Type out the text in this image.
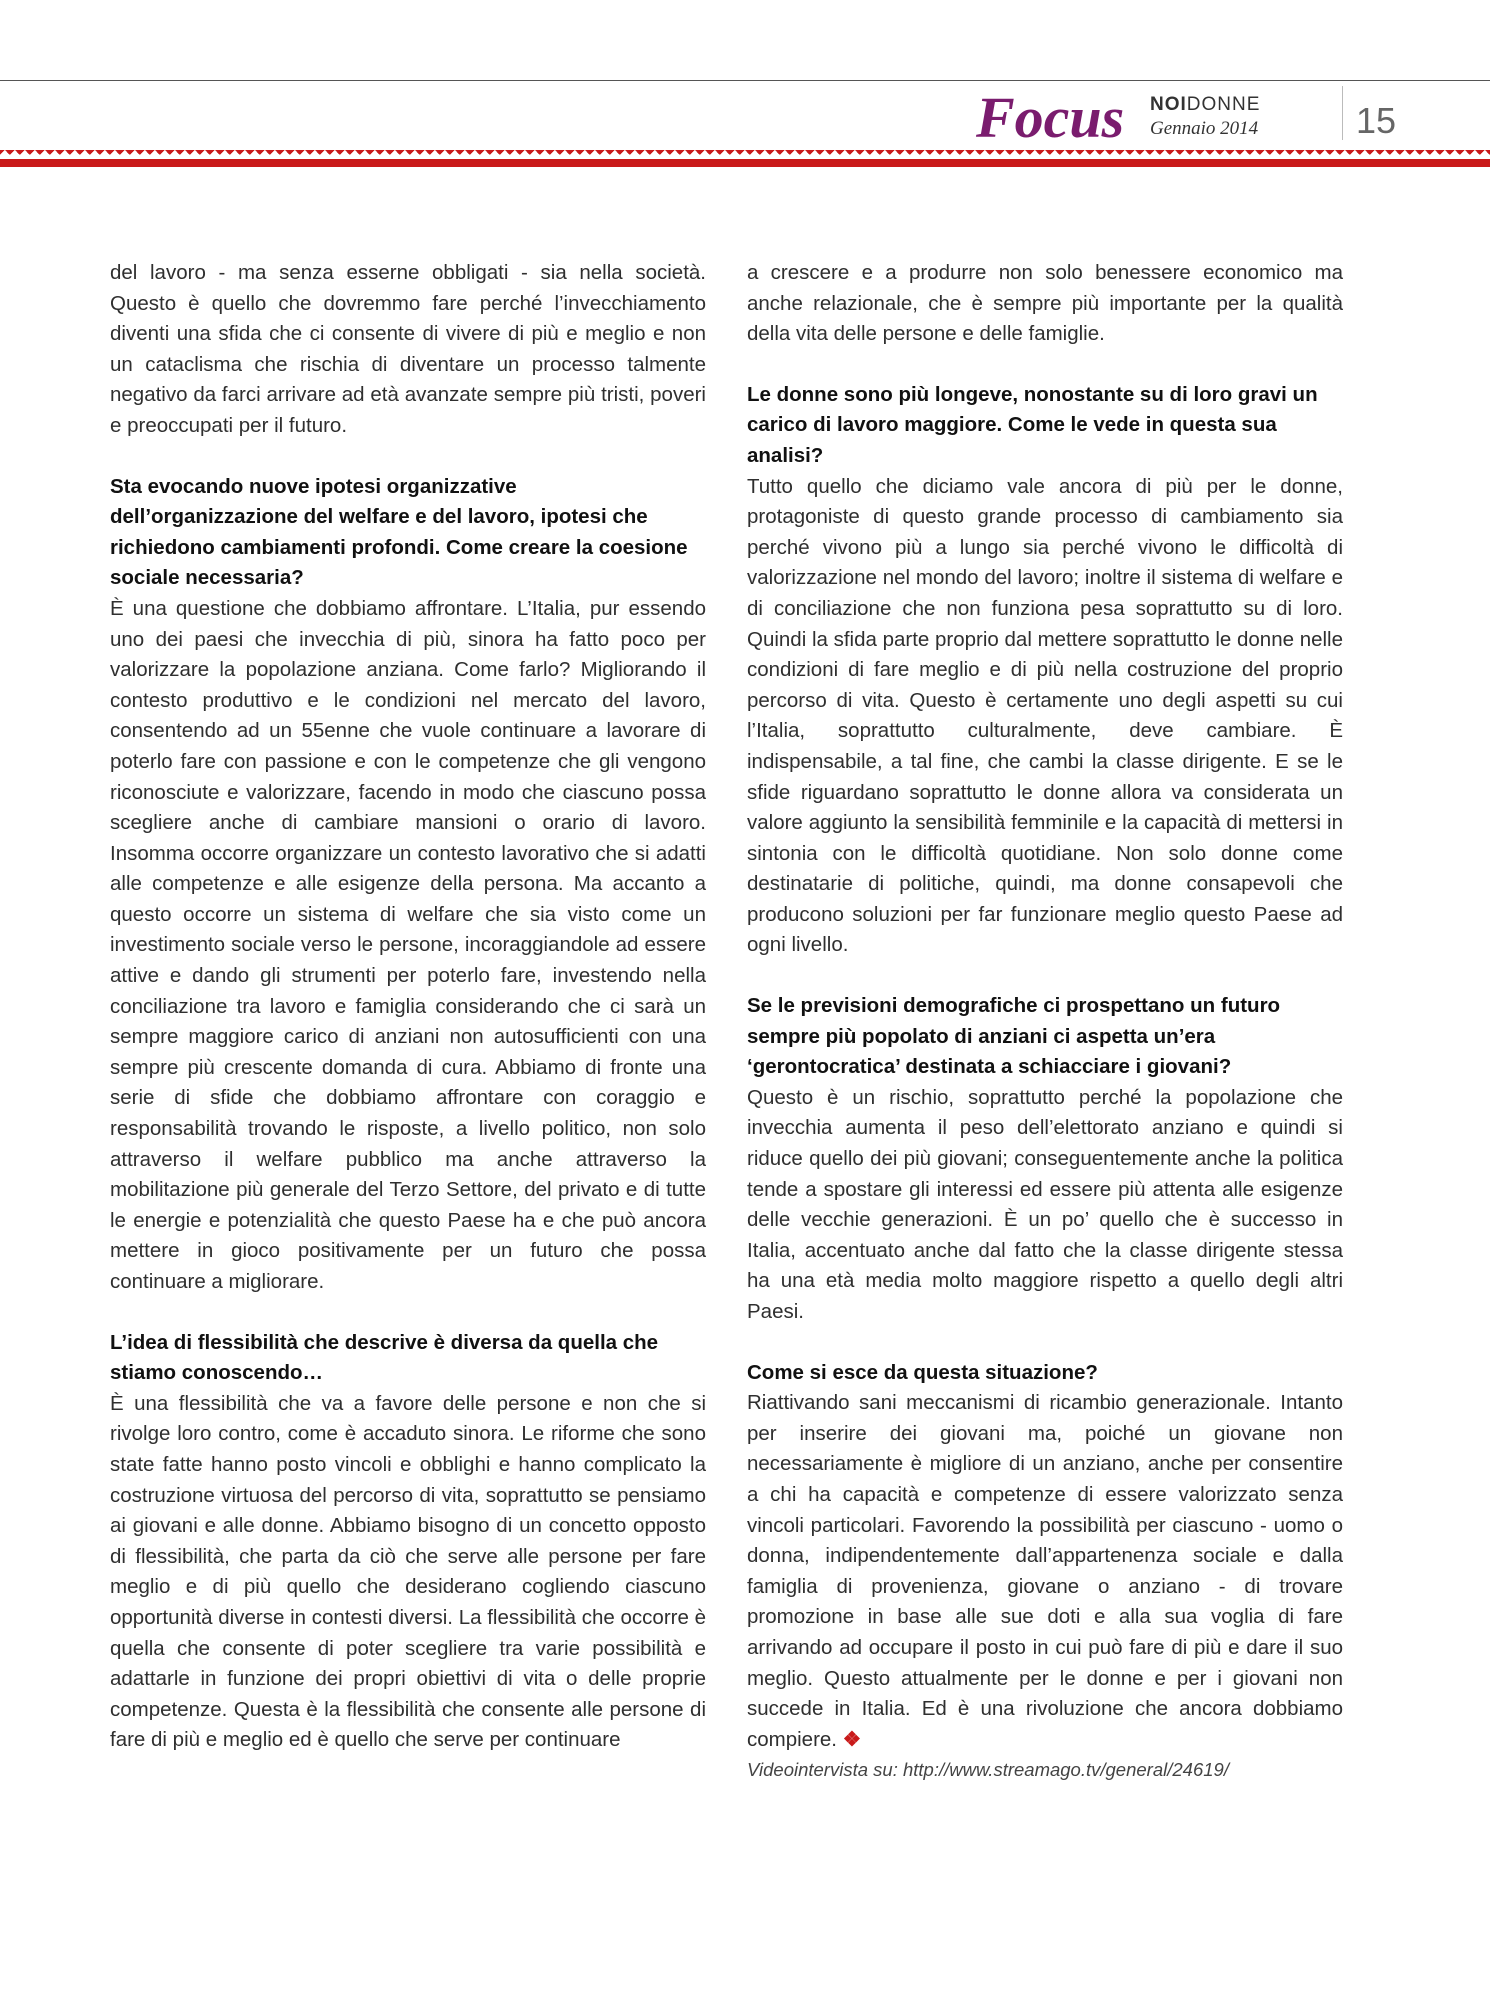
Focus NOIDONNE
Gennaio 2014	15

del lavoro - ma senza esserne obbligati - sia nella società. Questo è quello che dovremmo fare perché l’invecchiamento diventi una sfida che ci consente di vivere di più e meglio e non un cataclisma che rischia di diventare un processo talmente negativo da farci arrivare ad età avanzate sempre più tristi, poveri e preoccupati per il futuro.

Sta evocando nuove ipotesi organizzative dell’organizzazione del welfare e del lavoro, ipotesi che richiedono cambiamenti profondi. Come creare la coesione sociale necessaria?

È una questione che dobbiamo affrontare. L’Italia, pur essendo uno dei paesi che invecchia di più, sinora ha fatto poco per valorizzare la popolazione anziana. Come farlo? Migliorando il contesto produttivo e le condizioni nel mercato del lavoro, consentendo ad un 55enne che vuole continuare a lavorare di poterlo fare con passione e con le competenze che gli vengono riconosciute e valorizzare, facendo in modo che ciascuno possa scegliere anche di cambiare mansioni o orario di lavoro. Insomma occorre organizzare un contesto lavorativo che si adatti alle competenze e alle esigenze della persona. Ma accanto a questo occorre un sistema di welfare che sia visto come un investimento sociale verso le persone, incoraggiandole ad essere attive e dando gli strumenti per poterlo fare, investendo nella conciliazione tra lavoro e famiglia considerando che ci sarà un sempre maggiore carico di anziani non autosufficienti con una sempre più crescente domanda di cura. Abbiamo di fronte una serie di sfide che dobbiamo affrontare con coraggio e responsabilità trovando le risposte, a livello politico, non solo attraverso il welfare pubblico ma anche attraverso la mobilitazione più generale del Terzo Settore, del privato e di tutte le energie e potenzialità che questo Paese ha e che può ancora mettere in gioco positivamente per un futuro che possa continuare a migliorare.

L’idea di flessibilità che descrive è diversa da quella che stiamo conoscendo…

È una flessibilità che va a favore delle persone e non che si rivolge loro contro, come è accaduto sinora. Le riforme che sono state fatte hanno posto vincoli e obblighi e hanno complicato la costruzione virtuosa del percorso di vita, soprattutto se pensiamo ai giovani e alle donne. Abbiamo bisogno di un concetto opposto di flessibilità, che parta da ciò che serve alle persone per fare meglio e di più quello che desiderano cogliendo ciascuno opportunità diverse in contesti diversi. La flessibilità che occorre è quella che consente di poter scegliere tra varie possibilità e adattarle in funzione dei propri obiettivi di vita o delle proprie competenze. Questa è la flessibilità che consente alle persone di fare di più e meglio ed è quello che serve per continuare

a crescere e a produrre non solo benessere economico ma anche relazionale, che è sempre più importante per la qualità della vita delle persone e delle famiglie.

Le donne sono più longeve, nonostante su di loro gravi un carico di lavoro maggiore. Come le vede in questa sua analisi?

Tutto quello che diciamo vale ancora di più per le donne, protagoniste di questo grande processo di cambiamento sia perché vivono più a lungo sia perché vivono le difficoltà di valorizzazione nel mondo del lavoro; inoltre il sistema di welfare e di conciliazione che non funziona pesa soprattutto su di loro. Quindi la sfida parte proprio dal mettere soprattutto le donne nelle condizioni di fare meglio e di più nella costruzione del proprio percorso di vita. Questo è certamente uno degli aspetti su cui l’Italia, soprattutto culturalmente, deve cambiare. È indispensabile, a tal fine, che cambi la classe dirigente. E se le sfide riguardano soprattutto le donne allora va considerata un valore aggiunto la sensibilità femminile e la capacità di mettersi in sintonia con le difficoltà quotidiane. Non solo donne come destinatarie di politiche, quindi, ma donne consapevoli che producono soluzioni per far funzionare meglio questo Paese ad ogni livello.

Se le previsioni demografiche ci prospettano un futuro sempre più popolato di anziani ci aspetta un’era ‘gerontocratica’ destinata a schiacciare i giovani?

Questo è un rischio, soprattutto perché la popolazione che invecchia aumenta il peso dell’elettorato anziano e quindi si riduce quello dei più giovani; conseguentemente anche la politica tende a spostare gli interessi ed essere più attenta alle esigenze delle vecchie generazioni. È un po’ quello che è successo in Italia, accentuato anche dal fatto che la classe dirigente stessa ha una età media molto maggiore rispetto a quello degli altri Paesi.

Come si esce da questa situazione?

Riattivando sani meccanismi di ricambio generazionale. Intanto per inserire dei giovani ma, poiché un giovane non necessariamente è migliore di un anziano, anche per consentire a chi ha capacità e competenze di essere valorizzato senza vincoli particolari. Favorendo la possibilità per ciascuno - uomo o donna, indipendentemente dall’appartenenza sociale e dalla famiglia di provenienza, giovane o anziano - di trovare promozione in base alle sue doti e alla sua voglia di fare arrivando ad occupare il posto in cui può fare di più e dare il suo meglio. Questo attualmente per le donne e per i giovani non succede in Italia. Ed è una rivoluzione che ancora dobbiamo compiere. ❖

Videointervista su: http://www.streamago.tv/general/24619/
